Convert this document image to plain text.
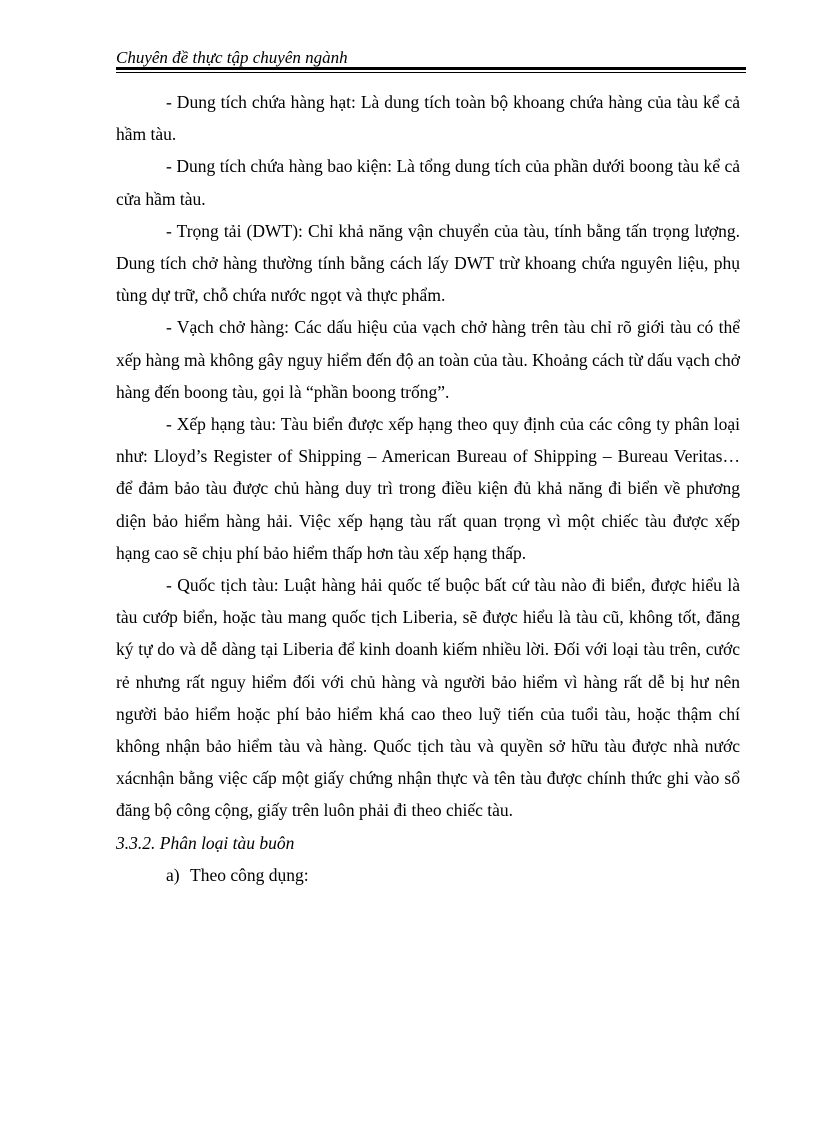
Chuyên đề thực tập chuyên ngành

- Dung tích chứa hàng hạt: Là dung tích toàn bộ khoang chứa hàng của tàu kể cả hầm tàu.

- Dung tích chứa hàng bao kiện: Là tổng dung tích của phần dưới boong tàu kể cả cửa hầm tàu.

- Trọng tải (DWT): Chỉ khả năng vận chuyển của tàu, tính bằng tấn trọng lượng. Dung tích chở hàng thường tính bằng cách lấy DWT trừ khoang chứa nguyên liệu, phụ tùng dự trữ, chỗ chứa nước ngọt và thực phẩm.

- Vạch chở hàng: Các dấu hiệu của vạch chở hàng trên tàu chỉ rõ giới tàu có thể xếp hàng mà không gây nguy hiểm đến độ an toàn của tàu. Khoảng cách từ dấu vạch chở hàng đến boong tàu, gọi là “phần boong trống”.

- Xếp hạng tàu: Tàu biển được xếp hạng theo quy định của các công ty phân loại như: Lloyd’s Register of Shipping – American Bureau of Shipping – Bureau Veritas… để đảm bảo tàu được chủ hàng duy trì trong điều kiện đủ khả năng đi biển về phương diện bảo hiểm hàng hải. Việc xếp hạng tàu rất quan trọng vì một chiếc tàu được xếp hạng cao sẽ chịu phí bảo hiểm thấp hơn tàu xếp hạng thấp.

- Quốc tịch tàu: Luật hàng hải quốc tế buộc bất cứ tàu nào đi biển, được hiểu là tàu cướp biển, hoặc tàu mang quốc tịch Liberia, sẽ được hiểu là tàu cũ, không tốt, đăng ký tự do và dễ dàng tại Liberia để kinh doanh kiếm nhiều lời. Đối với loại tàu trên, cước rẻ nhưng rất nguy hiểm đối với chủ hàng và người bảo hiểm vì hàng rất dễ bị hư nên người bảo hiểm hoặc phí bảo hiểm khá cao theo luỹ tiến của tuổi tàu, hoặc thậm chí không nhận bảo hiểm tàu và hàng. Quốc tịch tàu và quyền sở hữu tàu được nhà nước xácnhận bằng việc cấp một giấy chứng nhận thực và tên tàu được chính thức ghi vào sổ đăng bộ công cộng, giấy trên luôn phải đi theo chiếc tàu.

3.3.2. Phân loại tàu buôn

a) Theo công dụng:
